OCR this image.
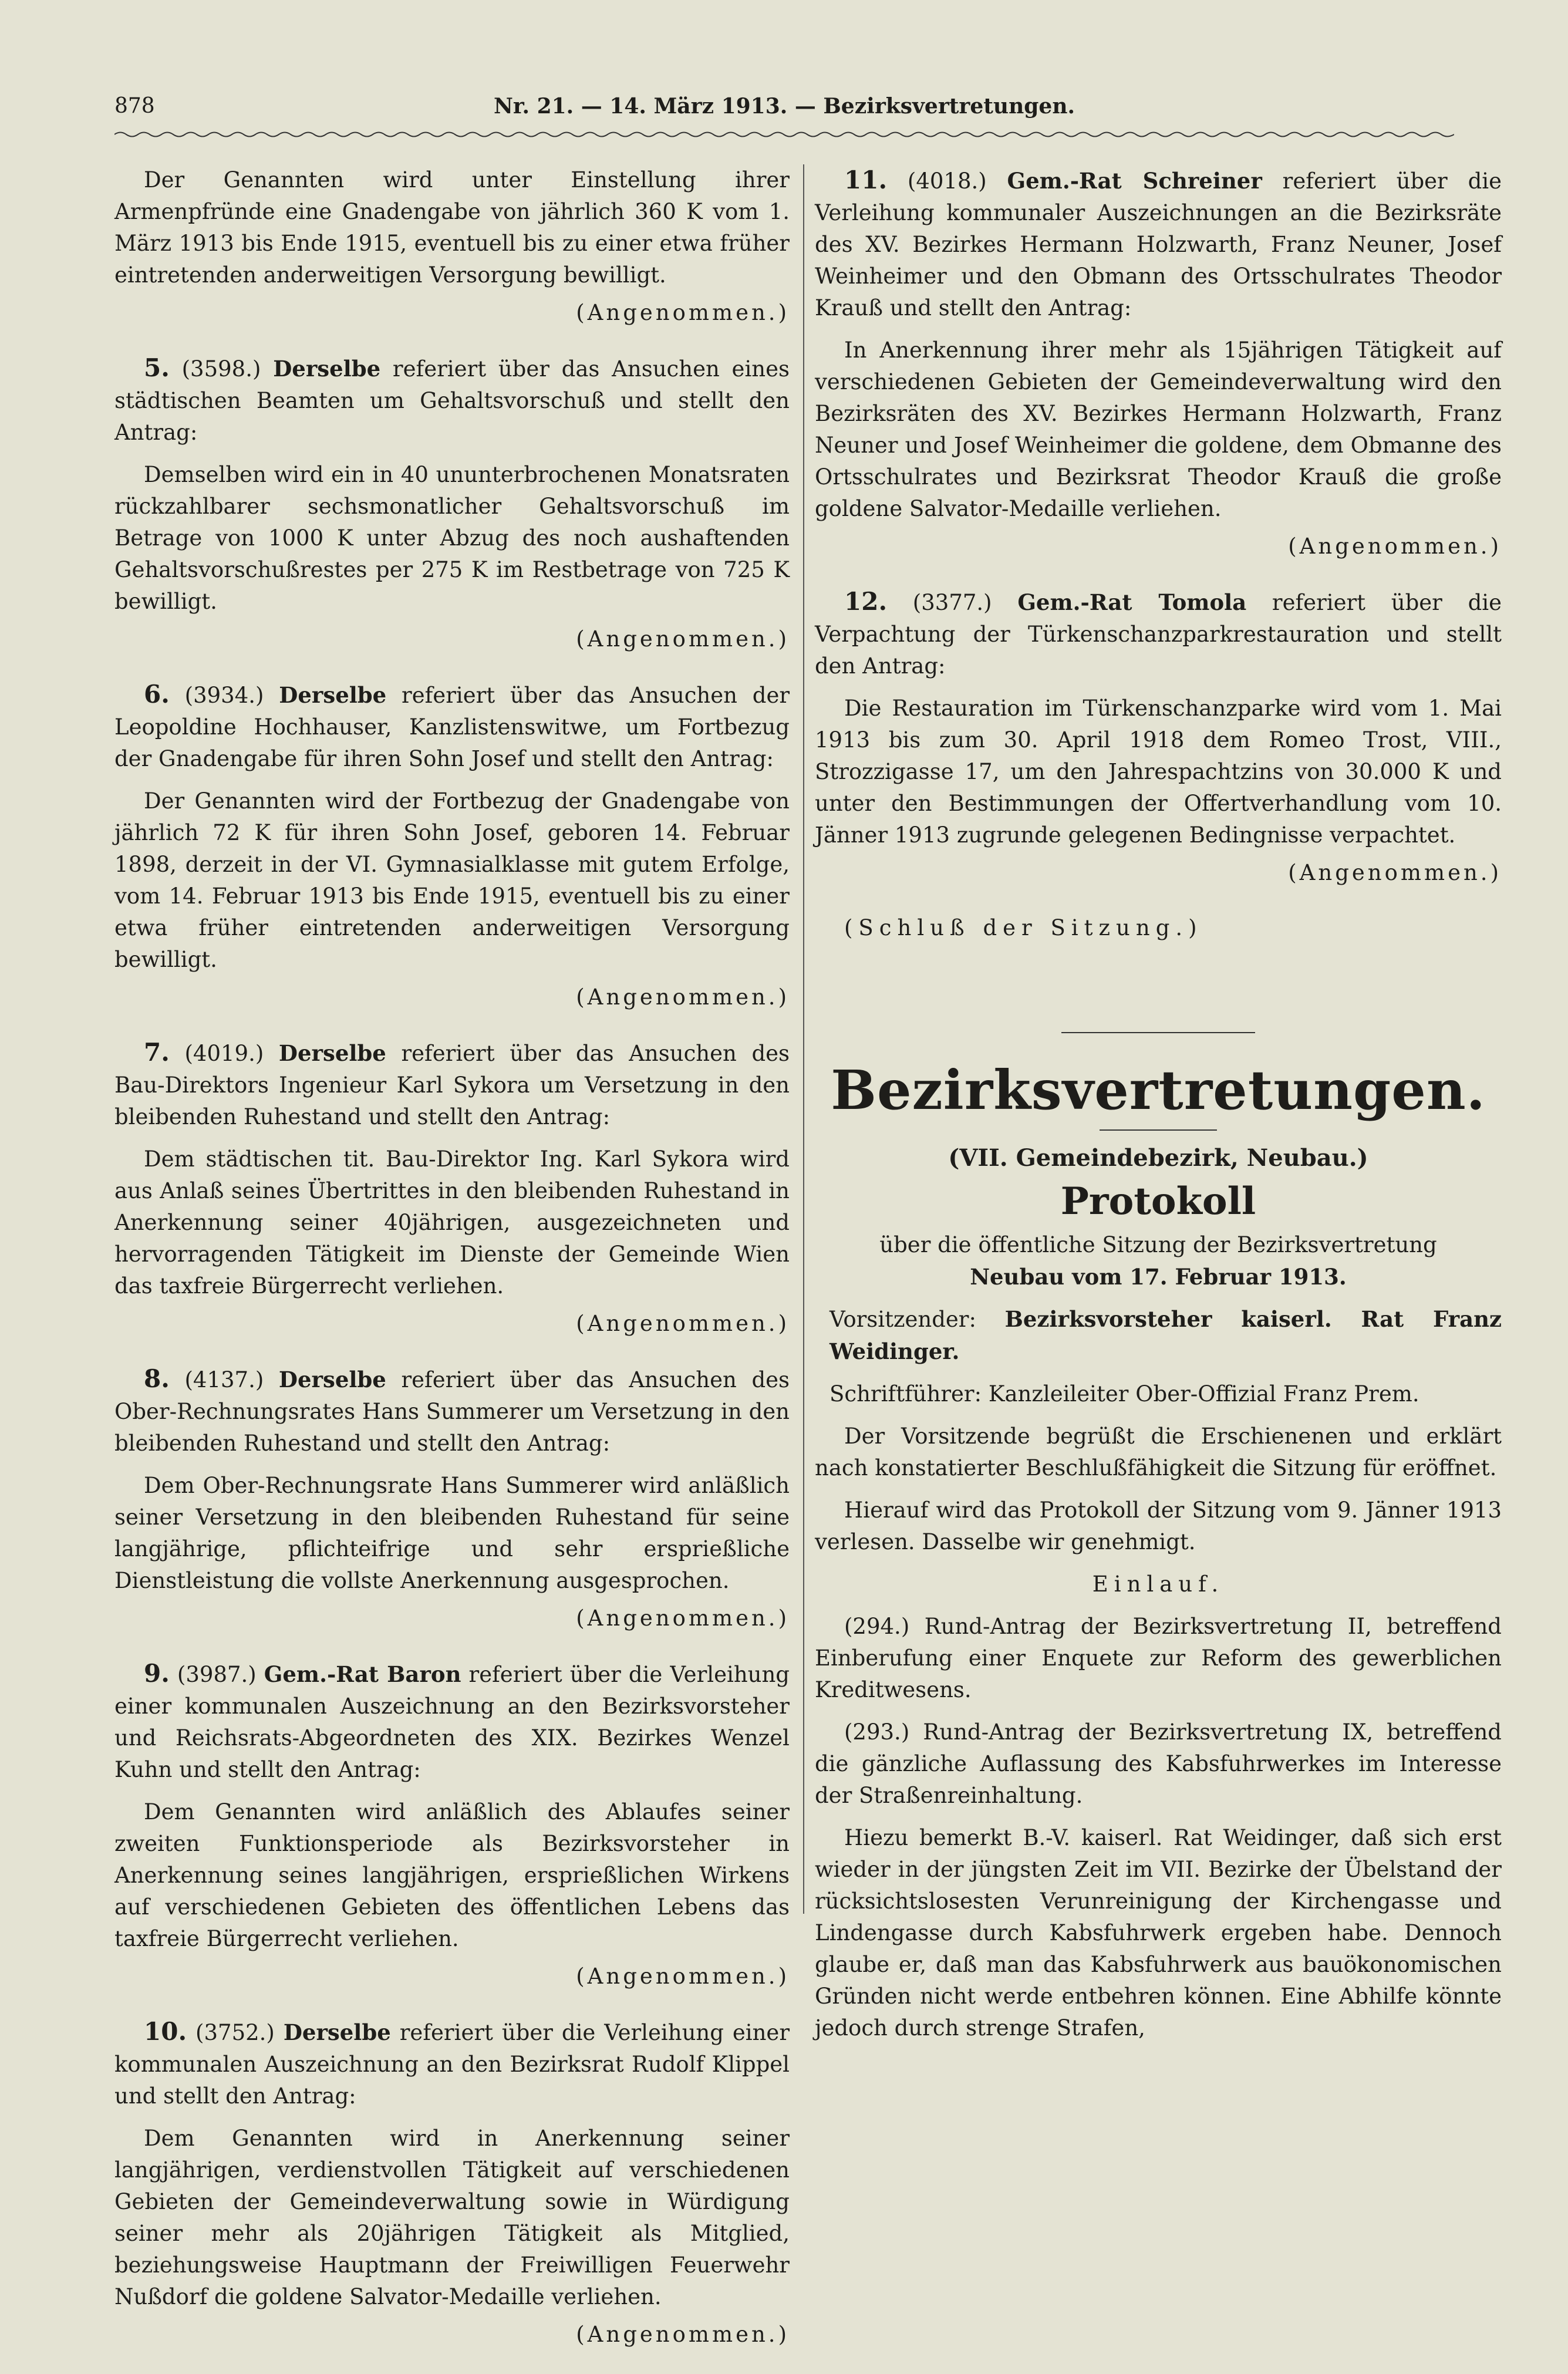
878	Nr. 21. — 14. März 1913. — Bezirksvertretungen.

Der Genannten wird unter Einstellung ihrer Armenpfründe eine Gnadengabe von jährlich 360 K vom 1. März 1913 bis Ende 1915, eventuell bis zu einer etwa früher eintretenden anderweitigen Versorgung bewilligt.

(Angenommen.)

5. (3598.) Derselbe referiert über das Ansuchen eines städtischen Beamten um Gehaltsvorschuß und stellt den Antrag:

Demselben wird ein in 40 ununterbrochenen Monatsraten rückzahlbarer sechsmonatlicher Gehaltsvorschuß im Betrage von 1000 K unter Abzug des noch aushaftenden Gehaltsvorschußrestes per 275 K im Restbetrage von 725 K bewilligt.

(Angenommen.)

6. (3934.) Derselbe referiert über das Ansuchen der Leopoldine Hochhauser, Kanzlistenswitwe, um Fortbezug der Gnadengabe für ihren Sohn Josef und stellt den Antrag:

Der Genannten wird der Fortbezug der Gnadengabe von jährlich 72 K für ihren Sohn Josef, geboren 14. Februar 1898, derzeit in der VI. Gymnasialklasse mit gutem Erfolge, vom 14. Februar 1913 bis Ende 1915, eventuell bis zu einer etwa früher eintretenden anderweitigen Versorgung bewilligt.

(Angenommen.)

7. (4019.) Derselbe referiert über das Ansuchen des Bau-Direktors Ingenieur Karl Sykora um Versetzung in den bleibenden Ruhestand und stellt den Antrag:

Dem städtischen tit. Bau-Direktor Ing. Karl Sykora wird aus Anlaß seines Übertrittes in den bleibenden Ruhestand in Anerkennung seiner 40jährigen, ausgezeichneten und hervorragenden Tätigkeit im Dienste der Gemeinde Wien das taxfreie Bürgerrecht verliehen.

(Angenommen.)

8. (4137.) Derselbe referiert über das Ansuchen des Ober-Rechnungsrates Hans Summerer um Versetzung in den bleibenden Ruhestand und stellt den Antrag:

Dem Ober-Rechnungsrate Hans Summerer wird anläßlich seiner Versetzung in den bleibenden Ruhestand für seine langjährige, pflichteifrige und sehr ersprießliche Dienstleistung die vollste Anerkennung ausgesprochen.

(Angenommen.)

9. (3987.) Gem.-Rat Baron referiert über die Verleihung einer kommunalen Auszeichnung an den Bezirksvorsteher und Reichsrats-Abgeordneten des XIX. Bezirkes Wenzel Kuhn und stellt den Antrag:

Dem Genannten wird anläßlich des Ablaufes seiner zweiten Funktionsperiode als Bezirksvorsteher in Anerkennung seines langjährigen, ersprießlichen Wirkens auf verschiedenen Gebieten des öffentlichen Lebens das taxfreie Bürgerrecht verliehen.

(Angenommen.)

10. (3752.) Derselbe referiert über die Verleihung einer kommunalen Auszeichnung an den Bezirksrat Rudolf Klippel und stellt den Antrag:

Dem Genannten wird in Anerkennung seiner langjährigen, verdienstvollen Tätigkeit auf verschiedenen Gebieten der Gemeindeverwaltung sowie in Würdigung seiner mehr als 20jährigen Tätigkeit als Mitglied, beziehungsweise Hauptmann der Freiwilligen Feuerwehr Nußdorf die goldene Salvator-Medaille verliehen.

(Angenommen.)

11. (4018.) Gem.-Rat Schreiner referiert über die Verleihung kommunaler Auszeichnungen an die Bezirksräte des XV. Bezirkes Hermann Holzwarth, Franz Neuner, Josef Weinheimer und den Obmann des Ortsschulrates Theodor Krauß und stellt den Antrag:

In Anerkennung ihrer mehr als 15jährigen Tätigkeit auf verschiedenen Gebieten der Gemeindeverwaltung wird den Bezirksräten des XV. Bezirkes Hermann Holzwarth, Franz Neuner und Josef Weinheimer die goldene, dem Obmanne des Ortsschulrates und Bezirksrat Theodor Krauß die große goldene Salvator-Medaille verliehen.

(Angenommen.)

12. (3377.) Gem.-Rat Tomola referiert über die Verpachtung der Türkenschanzparkrestauration und stellt den Antrag:

Die Restauration im Türkenschanzparke wird vom 1. Mai 1913 bis zum 30. April 1918 dem Romeo Trost, VIII., Strozzigasse 17, um den Jahrespachtzins von 30.000 K und unter den Bestimmungen der Offertverhandlung vom 10. Jänner 1913 zugrunde gelegenen Bedingnisse verpachtet.

(Angenommen.)

(Schluß der Sitzung.)

Bezirksvertretungen.
(VII. Gemeindebezirk, Neubau.)
Protokoll

über die öffentliche Sitzung der Bezirksvertretung

Neubau vom 17. Februar 1913.

Vorsitzender: Bezirksvorsteher kaiserl. Rat Franz Weidinger.

Schriftführer: Kanzleileiter Ober-Offizial Franz Prem.

Der Vorsitzende begrüßt die Erschienenen und erklärt nach konstatierter Beschlußfähigkeit die Sitzung für eröffnet.

Hierauf wird das Protokoll der Sitzung vom 9. Jänner 1913 verlesen. Dasselbe wir genehmigt.

Einlauf.

(294.) Rund-Antrag der Bezirksvertretung II, betreffend Einberufung einer Enquete zur Reform des gewerblichen Kreditwesens.

(293.) Rund-Antrag der Bezirksvertretung IX, betreffend die gänzliche Auflassung des Kabsfuhrwerkes im Interesse der Straßenreinhaltung.

Hiezu bemerkt B.-V. kaiserl. Rat Weidinger, daß sich erst wieder in der jüngsten Zeit im VII. Bezirke der Übelstand der rücksichtslosesten Verunreinigung der Kirchengasse und Lindengasse durch Kabsfuhrwerk ergeben habe. Dennoch glaube er, daß man das Kabsfuhrwerk aus bauökonomischen Gründen nicht werde entbehren können. Eine Abhilfe könnte jedoch durch strenge Strafen,
